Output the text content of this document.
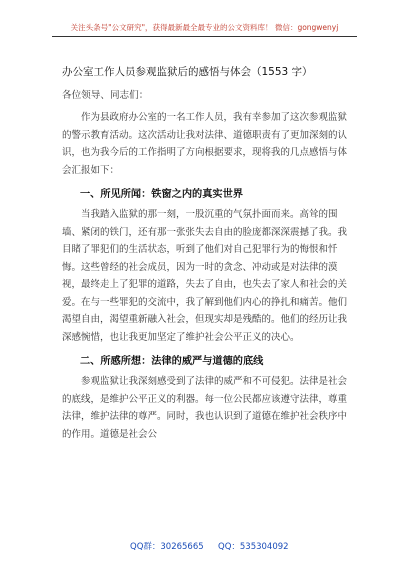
关注头条号"公文研究"，获得最新最全最专业的公文资料库！ 微信：gongwenyj
办公室工作人员参观监狱后的感悟与体会（1553 字）

各位领导、同志们：

作为县政府办公室的一名工作人员，我有幸参加了这次参观监狱的警示教育活动。这次活动让我对法律、道德职责有了更加深刻的认识，也为我今后的工作指明了方向根据要求，现将我的几点感悟与体会汇报如下：

一、所见所闻：铁窗之内的真实世界

当我踏入监狱的那一刻，一股沉重的气氛扑面而来。高耸的围墙、紧闭的铁门，还有那一张张失去自由的脸庞都深深震撼了我。我目睹了罪犯们的生活状态，听到了他们对自己犯罪行为的悔恨和忏悔。这些曾经的社会成员，因为一时的贪念、冲动或是对法律的漠视，最终走上了犯罪的道路，失去了自由，也失去了家人和社会的关爱。在与一些罪犯的交流中，我了解到他们内心的挣扎和痛苦。他们渴望自由，渴望重新融入社会，但现实却是残酷的。他们的经历让我深感惋惜，也让我更加坚定了维护社会公平正义的决心。

二、所感所想：法律的威严与道德的底线

参观监狱让我深刻感受到了法律的威严和不可侵犯。法律是社会的底线，是维护公平正义的利器。每一位公民都应该遵守法律，尊重法律，维护法律的尊严。同时，我也认识到了道德在维护社会秩序中的作用。道德是社会公

QQ群：30265665 QQ：535304092
